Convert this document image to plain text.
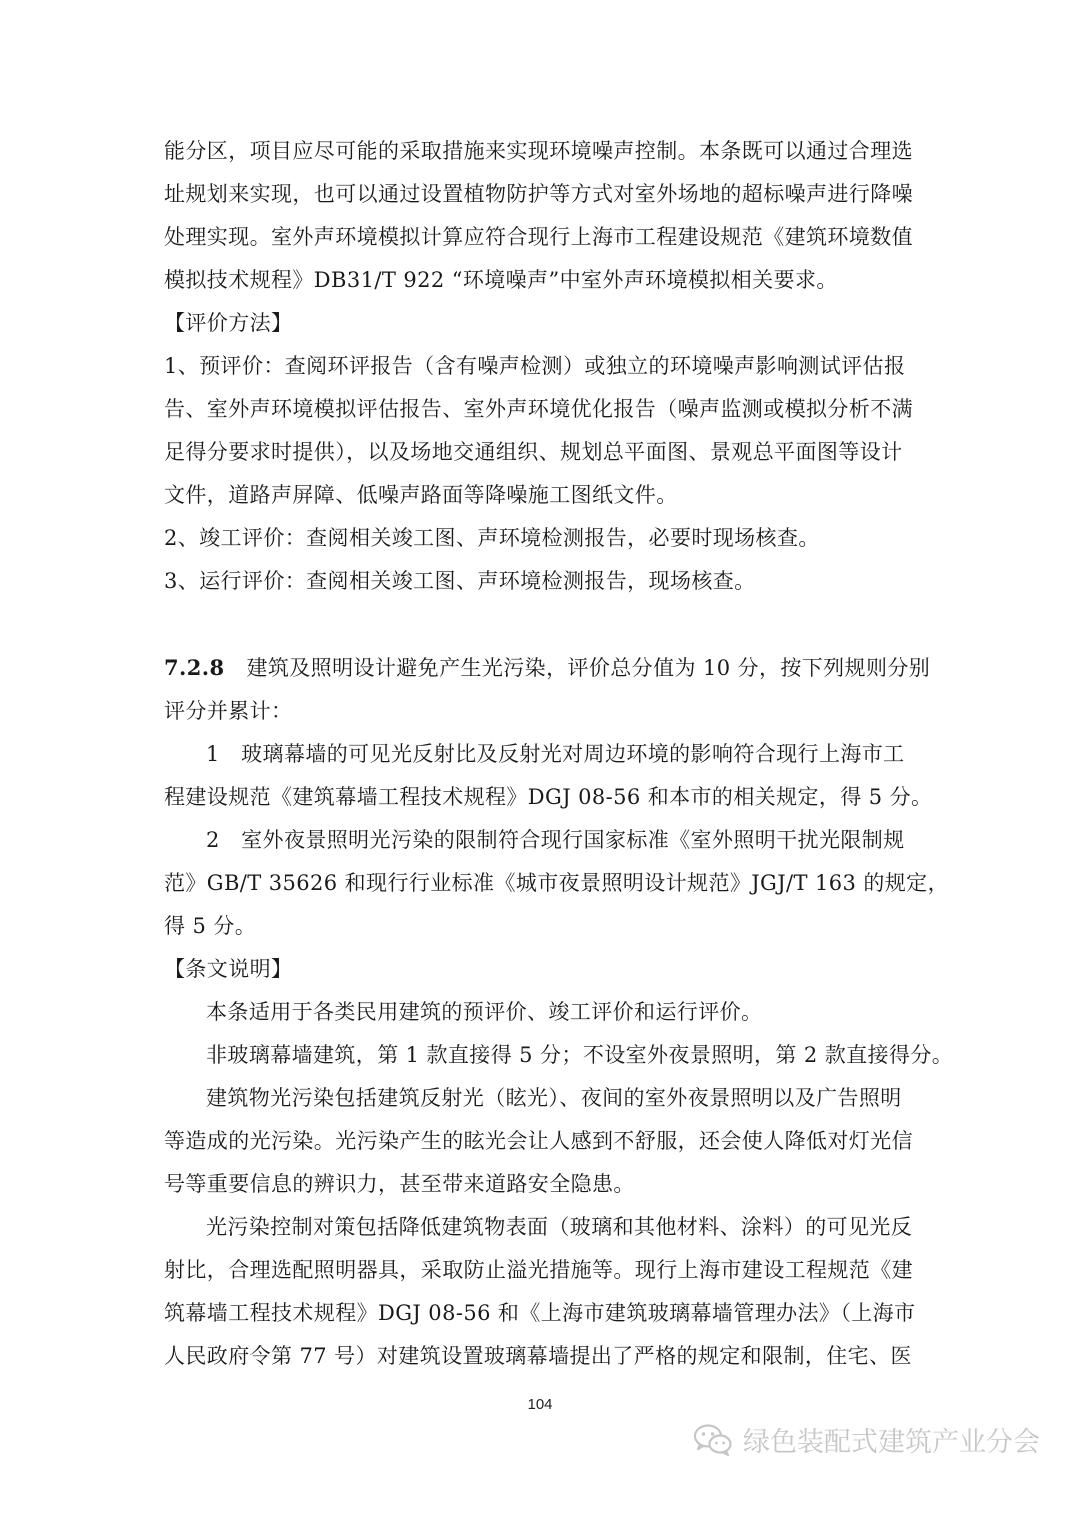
能分区，项目应尽可能的采取措施来实现环境噪声控制。本条既可以通过合理选
址规划来实现，也可以通过设置植物防护等方式对室外场地的超标噪声进行降噪
处理实现。室外声环境模拟计算应符合现行上海市工程建设规范《建筑环境数值
模拟技术规程》DB31/T 922 “环境噪声”中室外声环境模拟相关要求。
【评价方法】
1、预评价：查阅环评报告（含有噪声检测）或独立的环境噪声影响测试评估报
告、室外声环境模拟评估报告、室外声环境优化报告（噪声监测或模拟分析不满
足得分要求时提供），以及场地交通组织、规划总平面图、景观总平面图等设计
文件，道路声屏障、低噪声路面等降噪施工图纸文件。
2、竣工评价：查阅相关竣工图、声环境检测报告，必要时现场核查。
3、运行评价：查阅相关竣工图、声环境检测报告，现场核查。
7.2.8 建筑及照明设计避免产生光污染，评价总分值为 10 分，按下列规则分别
评分并累计：
1　玻璃幕墙的可见光反射比及反射光对周边环境的影响符合现行上海市工
程建设规范《建筑幕墙工程技术规程》DGJ 08-56 和本市的相关规定，得 5 分。
2　室外夜景照明光污染的限制符合现行国家标准《室外照明干扰光限制规
范》GB/T 35626 和现行行业标准《城市夜景照明设计规范》JGJ/T 163 的规定，
得 5 分。
【条文说明】
本条适用于各类民用建筑的预评价、竣工评价和运行评价。
非玻璃幕墙建筑，第 1 款直接得 5 分；不设室外夜景照明，第 2 款直接得分。
建筑物光污染包括建筑反射光（眩光）、夜间的室外夜景照明以及广告照明
等造成的光污染。光污染产生的眩光会让人感到不舒服，还会使人降低对灯光信
号等重要信息的辨识力，甚至带来道路安全隐患。
光污染控制对策包括降低建筑物表面（玻璃和其他材料、涂料）的可见光反
射比，合理选配照明器具，采取防止溢光措施等。现行上海市建设工程规范《建
筑幕墙工程技术规程》DGJ 08-56 和《上海市建筑玻璃幕墙管理办法》（上海市
人民政府令第 77 号）对建筑设置玻璃幕墙提出了严格的规定和限制，住宅、医
104
绿色装配式建筑产业分会
